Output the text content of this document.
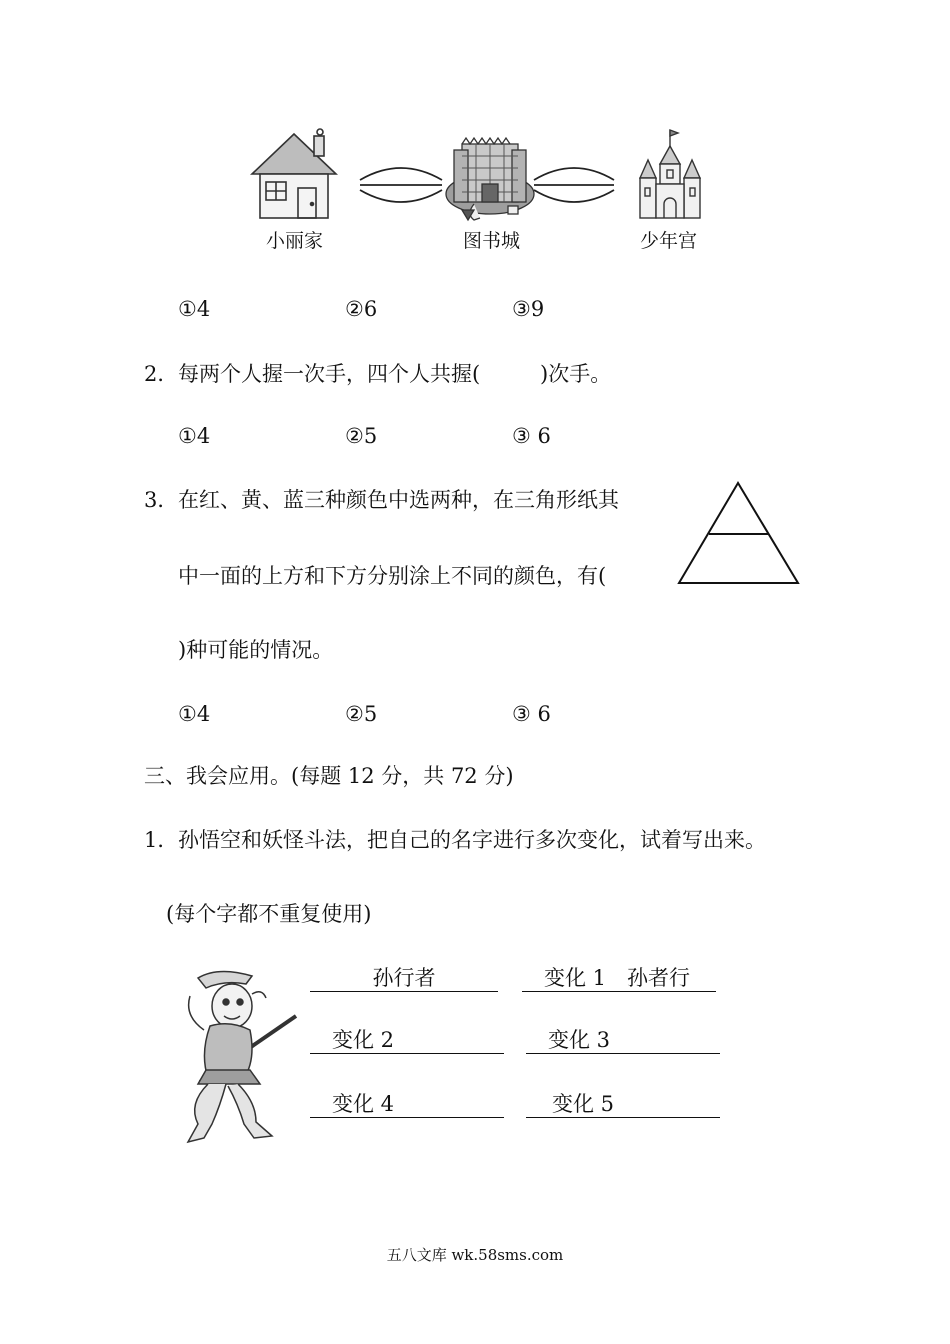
小丽家	图书城	少年宫
①4	②6	③9
2． 每两个人握一次手，四个人共握(	)次手。
①4	②5	③ 6
3． 在红、黄、蓝三种颜色中选两种，在三角形纸其
中一面的上方和下方分别涂上不同的颜色，有(
)种可能的情况。
①4	②5	③ 6
三、我会应用。(每题 12 分，共 72 分)
1． 孙悟空和妖怪斗法，把自己的名字进行多次变化，试着写出来。
(每个字都不重复使用)
孙行者	变化 1　孙者行
变化 2	变化 3
变化 4	变化 5
五八文库 wk.58sms.com
